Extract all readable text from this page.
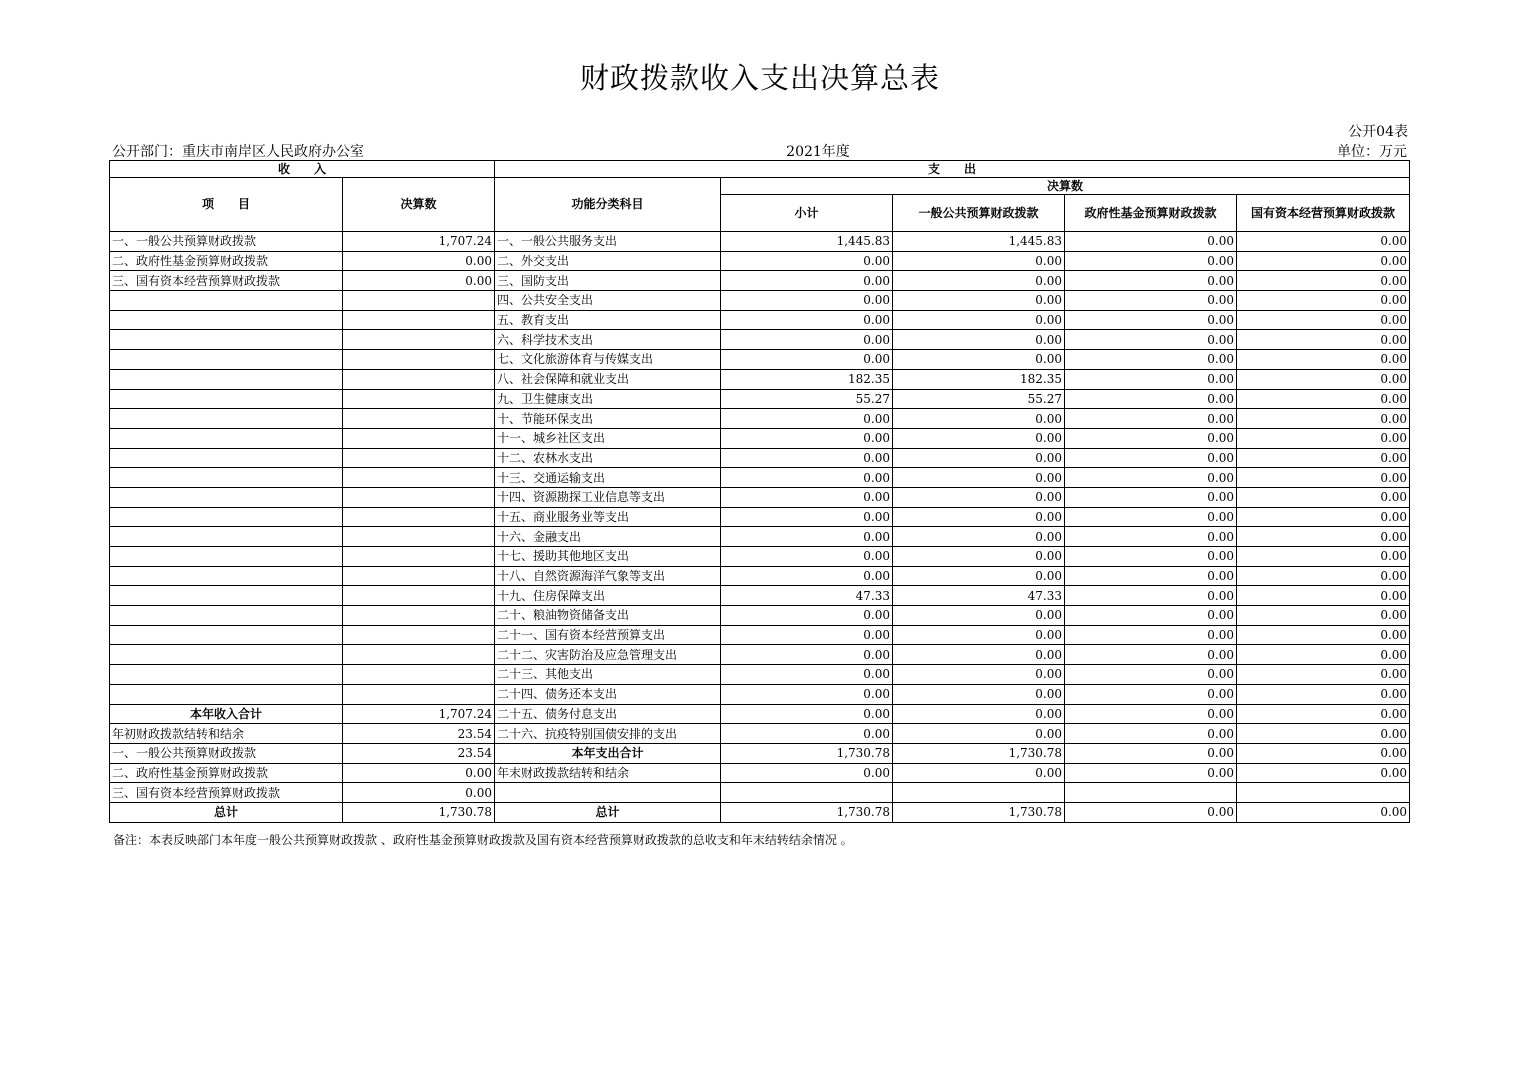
财政拨款收入支出决算总表
公开04表
公开部门：重庆市南岸区人民政府办公室	2021年度	单位：万元
收　　入		支　　出				
项　　目	决算数	功能分类科目	决算数			
			小计	一般公共预算财政拨款	政府性基金预算财政拨款	国有资本经营预算财政拨款
一、一般公共预算财政拨款	1,707.24	一、一般公共服务支出	1,445.83	1,445.83	0.00	0.00
二、政府性基金预算财政拨款	0.00	二、外交支出	0.00	0.00	0.00	0.00
三、国有资本经营预算财政拨款	0.00	三、国防支出	0.00	0.00	0.00	0.00
		四、公共安全支出	0.00	0.00	0.00	0.00
		五、教育支出	0.00	0.00	0.00	0.00
		六、科学技术支出	0.00	0.00	0.00	0.00
		七、文化旅游体育与传媒支出	0.00	0.00	0.00	0.00
		八、社会保障和就业支出	182.35	182.35	0.00	0.00
		九、卫生健康支出	55.27	55.27	0.00	0.00
		十、节能环保支出	0.00	0.00	0.00	0.00
		十一、城乡社区支出	0.00	0.00	0.00	0.00
		十二、农林水支出	0.00	0.00	0.00	0.00
		十三、交通运输支出	0.00	0.00	0.00	0.00
		十四、资源勘探工业信息等支出	0.00	0.00	0.00	0.00
		十五、商业服务业等支出	0.00	0.00	0.00	0.00
		十六、金融支出	0.00	0.00	0.00	0.00
		十七、援助其他地区支出	0.00	0.00	0.00	0.00
		十八、自然资源海洋气象等支出	0.00	0.00	0.00	0.00
		十九、住房保障支出	47.33	47.33	0.00	0.00
		二十、粮油物资储备支出	0.00	0.00	0.00	0.00
		二十一、国有资本经营预算支出	0.00	0.00	0.00	0.00
		二十二、灾害防治及应急管理支出	0.00	0.00	0.00	0.00
		二十三、其他支出	0.00	0.00	0.00	0.00
		二十四、债务还本支出	0.00	0.00	0.00	0.00
本年收入合计	1,707.24	二十五、债务付息支出	0.00	0.00	0.00	0.00
年初财政拨款结转和结余	23.54	二十六、抗疫特别国债安排的支出	0.00	0.00	0.00	0.00
一、一般公共预算财政拨款	23.54	本年支出合计	1,730.78	1,730.78	0.00	0.00
二、政府性基金预算财政拨款	0.00	年末财政拨款结转和结余	0.00	0.00	0.00	0.00
三、国有资本经营预算财政拨款	0.00					
总计	1,730.78	总计	1,730.78	1,730.78	0.00	0.00
备注：本表反映部门本年度一般公共预算财政拨款 、政府性基金预算财政拨款及国有资本经营预算财政拨款的总收支和年末结转结余情况 。
